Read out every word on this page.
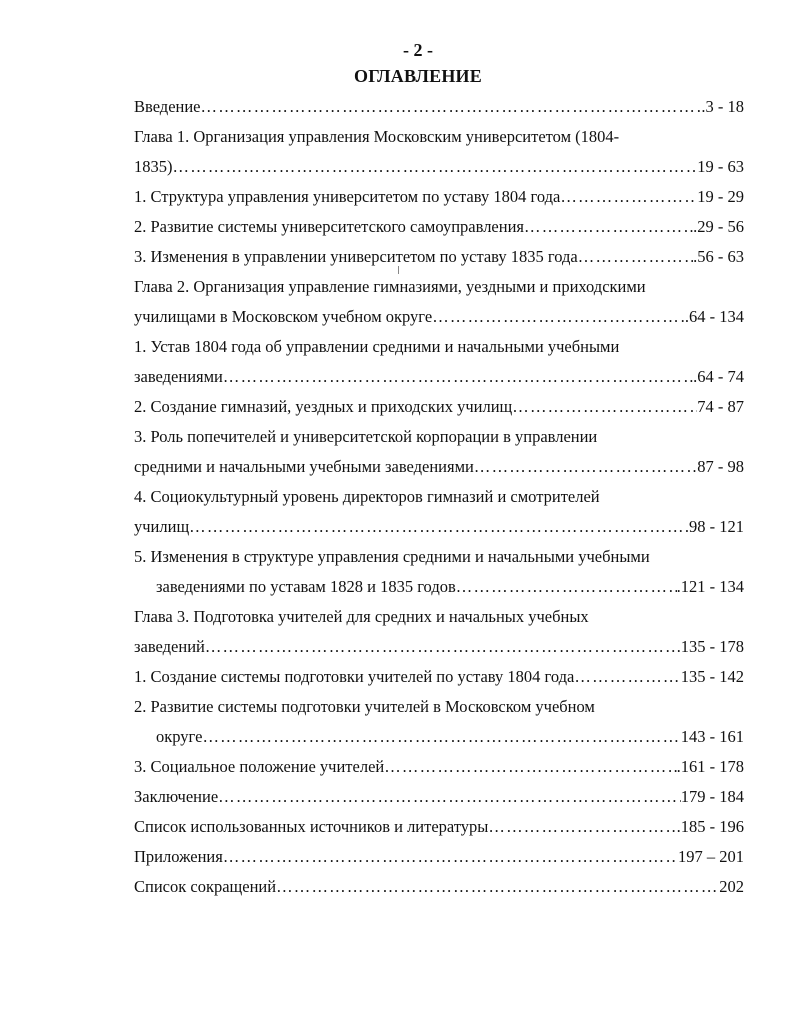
- 2 -
ОГЛАВЛЕНИЕ
Введение ………………………………………………………………………………………………………………………………………………………………	.3 - 18
Глава 1. Организация управления Московским университетом (1804-
1835) ………………………………………………………………………………………………………………………………………………………………	19 - 63
1. Структура управления университетом по уставу 1804 года ………………………………………………………………………………………………………………………………………………………………	19 - 29
2. Развитие системы университетского самоуправления ………………………………………………………………………………………………………………………………………………………………	.29 - 56
3. Изменения в управлении университетом по уставу 1835 года ………………………………………………………………………………………………………………………………………………………………	.56 - 63
Глава 2. Организация управление гимназиями, уездными и приходскими
училищами в Московском учебном округе ………………………………………………………………………………………………………………………………………………………………	.64 - 134
1. Устав 1804 года об управлении средними и начальными учебными
заведениями ………………………………………………………………………………………………………………………………………………………………	.64 - 74
2. Создание гимназий, уездных и приходских училищ ………………………………………………………………………………………………………………………………………………………………	74 - 87
3. Роль попечителей и университетской корпорации в управлении
средними и начальными учебными заведениями ………………………………………………………………………………………………………………………………………………………………	87 - 98
4. Социокультурный уровень директоров гимназий и смотрителей
училищ ………………………………………………………………………………………………………………………………………………………………	.98 - 121
5. Изменения в структуре управления средними и начальными учебными
заведениями по уставам 1828 и 1835 годов ………………………………………………………………………………………………………………………………………………………………	.121 - 134
Глава 3. Подготовка учителей для средних и начальных учебных
заведений ………………………………………………………………………………………………………………………………………………………………	135 - 178
1. Создание системы подготовки учителей по уставу 1804 года ………………………………………………………………………………………………………………………………………………………………	135 - 142
2. Развитие системы подготовки учителей в Московском учебном
округе ………………………………………………………………………………………………………………………………………………………………	143 - 161
3. Социальное положение учителей ………………………………………………………………………………………………………………………………………………………………	.161 - 178
Заключение ………………………………………………………………………………………………………………………………………………………………	179 - 184
Список использованных источников и литературы ………………………………………………………………………………………………………………………………………………………………	.185 - 196
Приложения ………………………………………………………………………………………………………………………………………………………………	197 – 201
Список сокращений ………………………………………………………………………………………………………………………………………………………………	202
